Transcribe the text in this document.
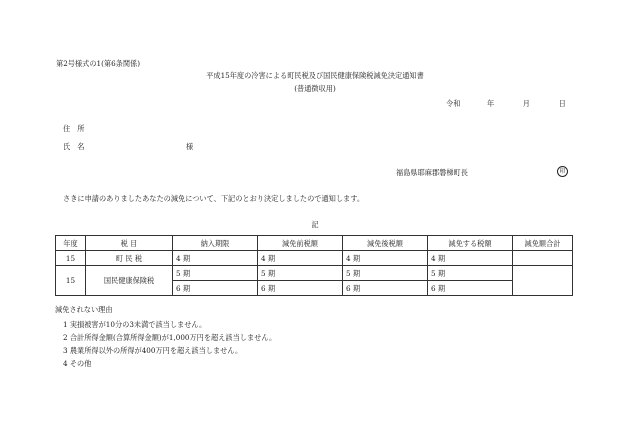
第2号様式の1(第6条関係)
平成15年度の冷害による町民税及び国民健康保険税減免決定通知書
(普通徴収用)
令和	年	月	日
住所
氏名	様
福島県耶麻郡磐梯町長	印
さきに申請のありましたあなたの減免について、下記のとおり決定しましたので通知します。
記
年度	税 目	納入期限	減免前税額	減免後税額	減免する税額	減免額合計
15	町 民 税	4 期	4 期	4 期	4 期	
15	国民健康保険税	5 期	5 期	5 期	5 期	
		6 期	6 期	6 期	6 期	
減免されない理由
1 実損被害が10分の3未満で該当しません。
2 合計所得金額(合算所得金額)が1,000万円を超え該当しません。
3 農業所得以外の所得が400万円を超え該当しません。
4 その他
